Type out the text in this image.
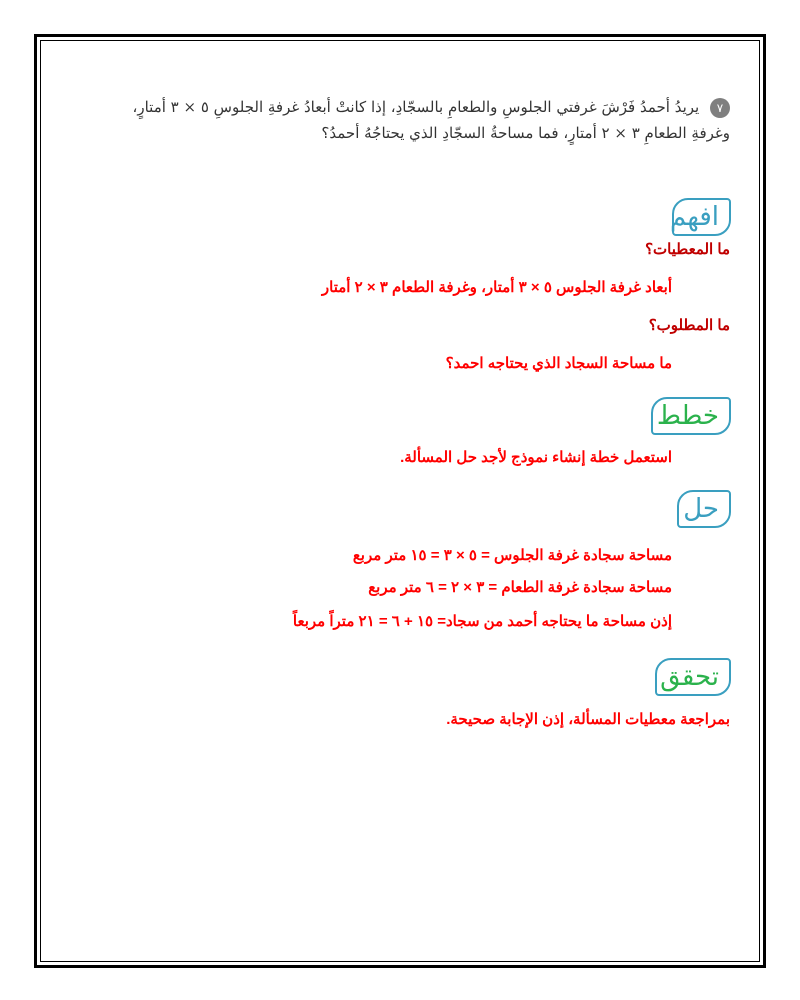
٧ يريدُ أحمدُ فَرْشَ غرفتي الجلوسِ والطعامِ بالسجّادِ، إذا كانتْ أبعادُ غرفةِ الجلوسِ ٥ × ٣ أمتارٍ،
وغرفةِ الطعامِ ٣ × ٢ أمتارٍ، فما مساحةُ السجّادِ الذي يحتاجُهُ أحمدُ؟
افهم
ما المعطيات؟
أبعاد غرفة الجلوس ٥ × ٣ أمتار، وغرفة الطعام ٣ × ٢ أمتار
ما المطلوب؟
ما مساحة السجاد الذي يحتاجه احمد؟
خطط
استعمل خطة إنشاء نموذج لأجد حل المسألة.
حل
مساحة سجادة غرفة الجلوس = ٥ × ٣ = ١٥ متر مربع
مساحة سجادة غرفة الطعام = ٣ × ٢ = ٦ متر مربع
إذن مساحة ما يحتاجه أحمد من سجاد= ١٥ + ٦ = ٢١ متراً مربعاً
تحقق
بمراجعة معطيات المسألة، إذن الإجابة صحيحة.
